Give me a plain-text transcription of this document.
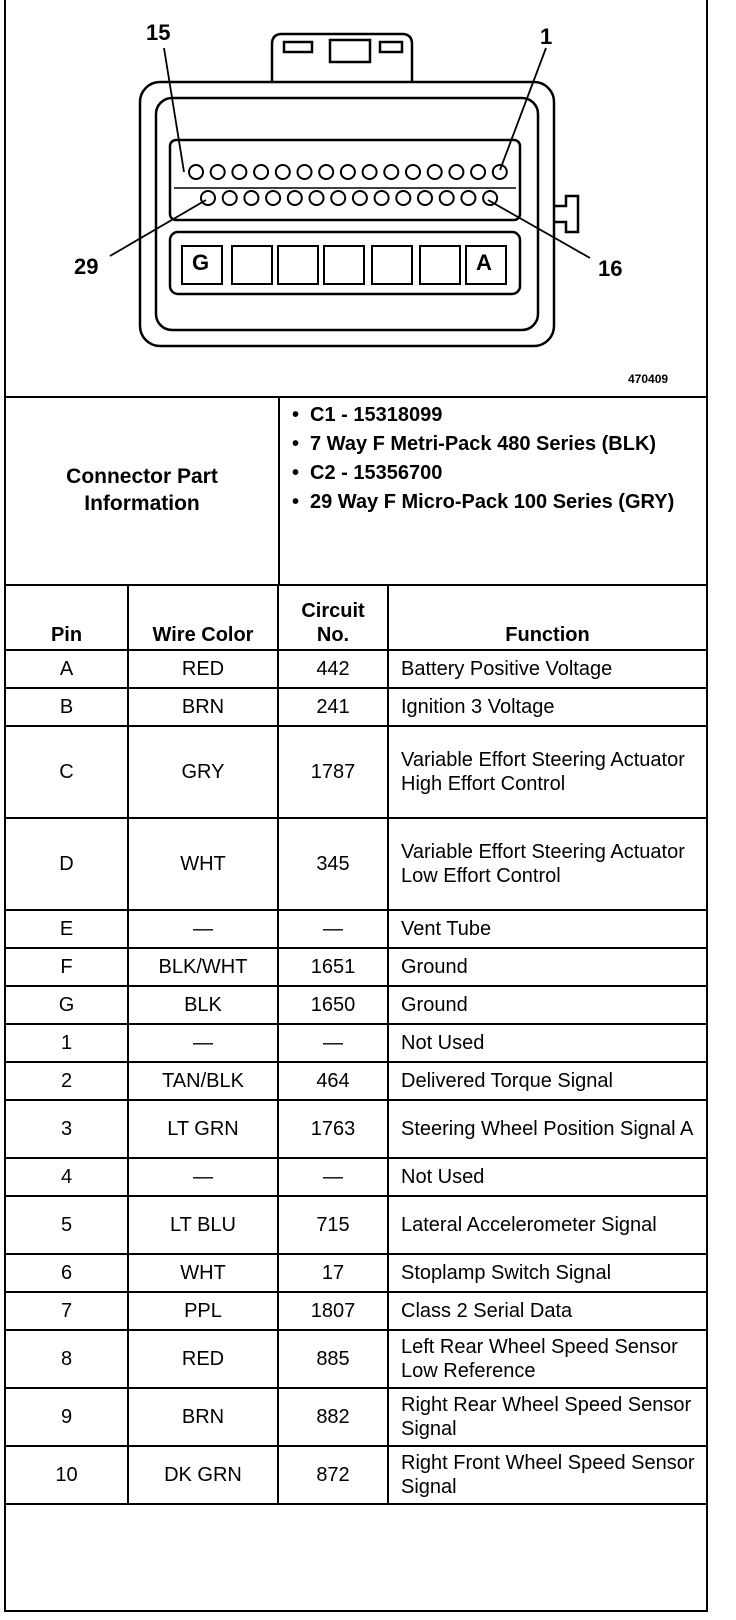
15	1
29	16
G	A
470409
Connector Part Information
• C1 - 15318099
• 7 Way F Metri-Pack 480 Series (BLK)
• C2 - 15356700
• 29 Way F Micro-Pack 100 Series (GRY)
Pin	Wire Color	Circuit No.	Function
A	RED	442	Battery Positive Voltage
B	BRN	241	Ignition 3 Voltage
C	GRY	1787	Variable Effort Steering Actuator High Effort Control
D	WHT	345	Variable Effort Steering Actuator Low Effort Control
E	—	—	Vent Tube
F	BLK/WHT	1651	Ground
G	BLK	1650	Ground
1	—	—	Not Used
2	TAN/BLK	464	Delivered Torque Signal
3	LT GRN	1763	Steering Wheel Position Signal A
4	—	—	Not Used
5	LT BLU	715	Lateral Accelerometer Signal
6	WHT	17	Stoplamp Switch Signal
7	PPL	1807	Class 2 Serial Data
8	RED	885	Left Rear Wheel Speed Sensor Low Reference
9	BRN	882	Right Rear Wheel Speed Sensor Signal
10	DK GRN	872	Right Front Wheel Speed Sensor Signal
